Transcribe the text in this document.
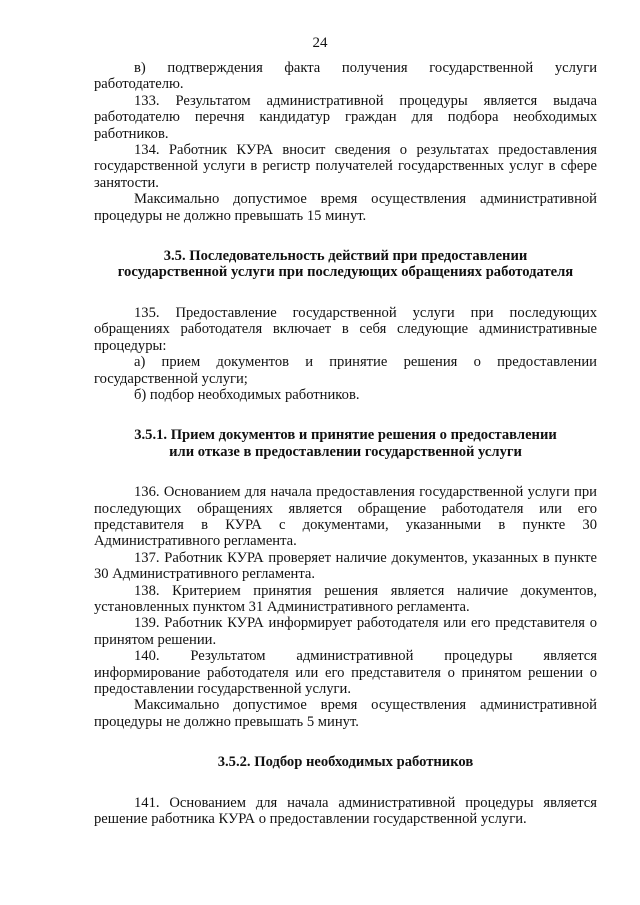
24

в) подтверждения факта получения государственной услуги работодателю.

133. Результатом административной процедуры является выдача работодателю перечня кандидатур граждан для подбора необходимых работников.

134. Работник КУРА вносит сведения о результатах предоставления государственной услуги в регистр получателей государственных услуг в сфере занятости.

Максимально допустимое время осуществления административной процедуры не должно превышать 15 минут.

3.5. Последовательность действий при предоставлении
государственной услуги при последующих обращениях работодателя

135. Предоставление государственной услуги при последующих обращениях работодателя включает в себя следующие административные процедуры:

а) прием документов и принятие решения о предоставлении государственной услуги;

б) подбор необходимых работников.

3.5.1. Прием документов и принятие решения о предоставлении
или отказе в предоставлении государственной услуги

136. Основанием для начала предоставления государственной услуги при последующих обращениях является обращение работодателя или его представителя в КУРА с документами, указанными в пункте 30 Административного регламента.

137. Работник КУРА проверяет наличие документов, указанных в пункте 30 Административного регламента.

138. Критерием принятия решения является наличие документов, установленных пунктом 31 Административного регламента.

139. Работник КУРА информирует работодателя или его представителя о принятом решении.

140. Результатом административной процедуры является информирование работодателя или его представителя о принятом решении о предоставлении государственной услуги.

Максимально допустимое время осуществления административной процедуры не должно превышать 5 минут.

3.5.2. Подбор необходимых работников

141. Основанием для начала административной процедуры является решение работника КУРА о предоставлении государственной услуги.
